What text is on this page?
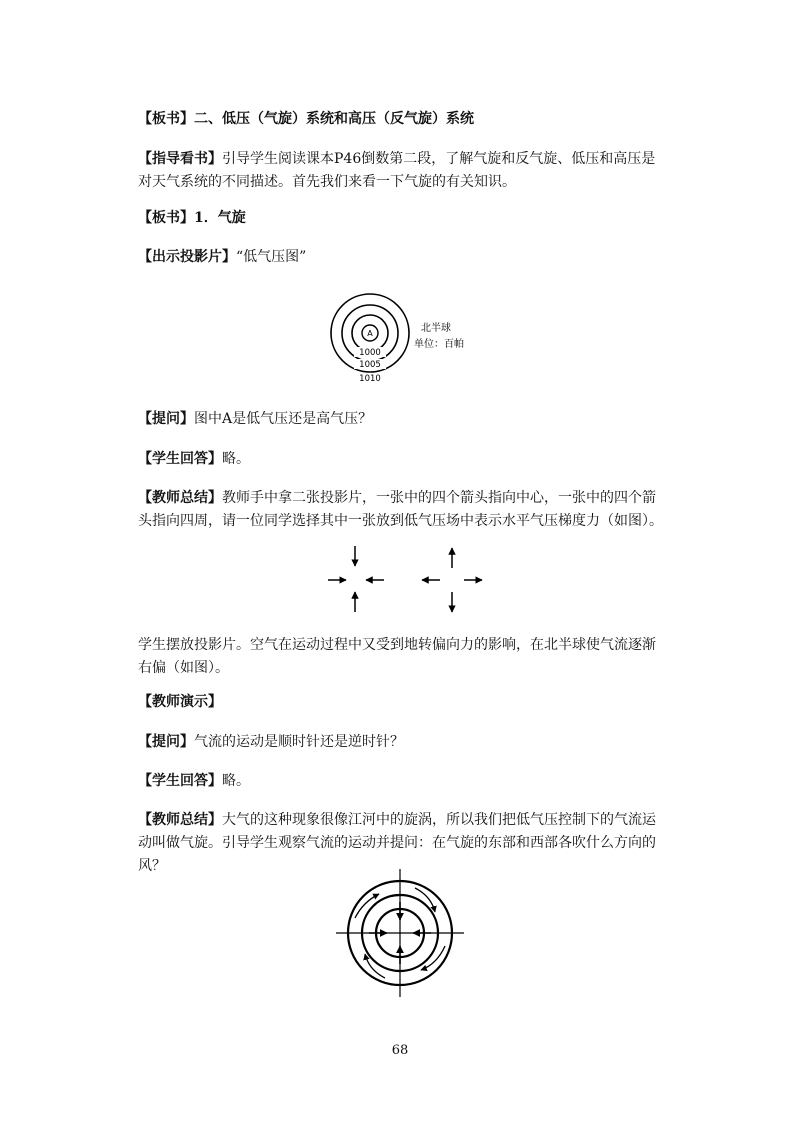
【板书】二、低压（气旋）系统和高压（反气旋）系统

【指导看书】引导学生阅读课本P46倒数第二段，了解气旋和反气旋、低压和高压是对天气系统的不同描述。首先我们来看一下气旋的有关知识。

【板书】1．气旋

【出示投影片】“低气压图”

A
1000
1005
1010
北半球
单位：百帕

【提问】图中A是低气压还是高气压？

【学生回答】略。

【教师总结】教师手中拿二张投影片，一张中的四个箭头指向中心，一张中的四个箭头指向四周，请一位同学选择其中一张放到低气压场中表示水平气压梯度力（如图）。

学生摆放投影片。空气在运动过程中又受到地转偏向力的影响，在北半球使气流逐渐右偏（如图）。

【教师演示】

【提问】气流的运动是顺时针还是逆时针？

【学生回答】略。

【教师总结】大气的这种现象很像江河中的旋涡，所以我们把低气压控制下的气流运动叫做气旋。引导学生观察气流的运动并提问：在气旋的东部和西部各吹什么方向的风？

68
